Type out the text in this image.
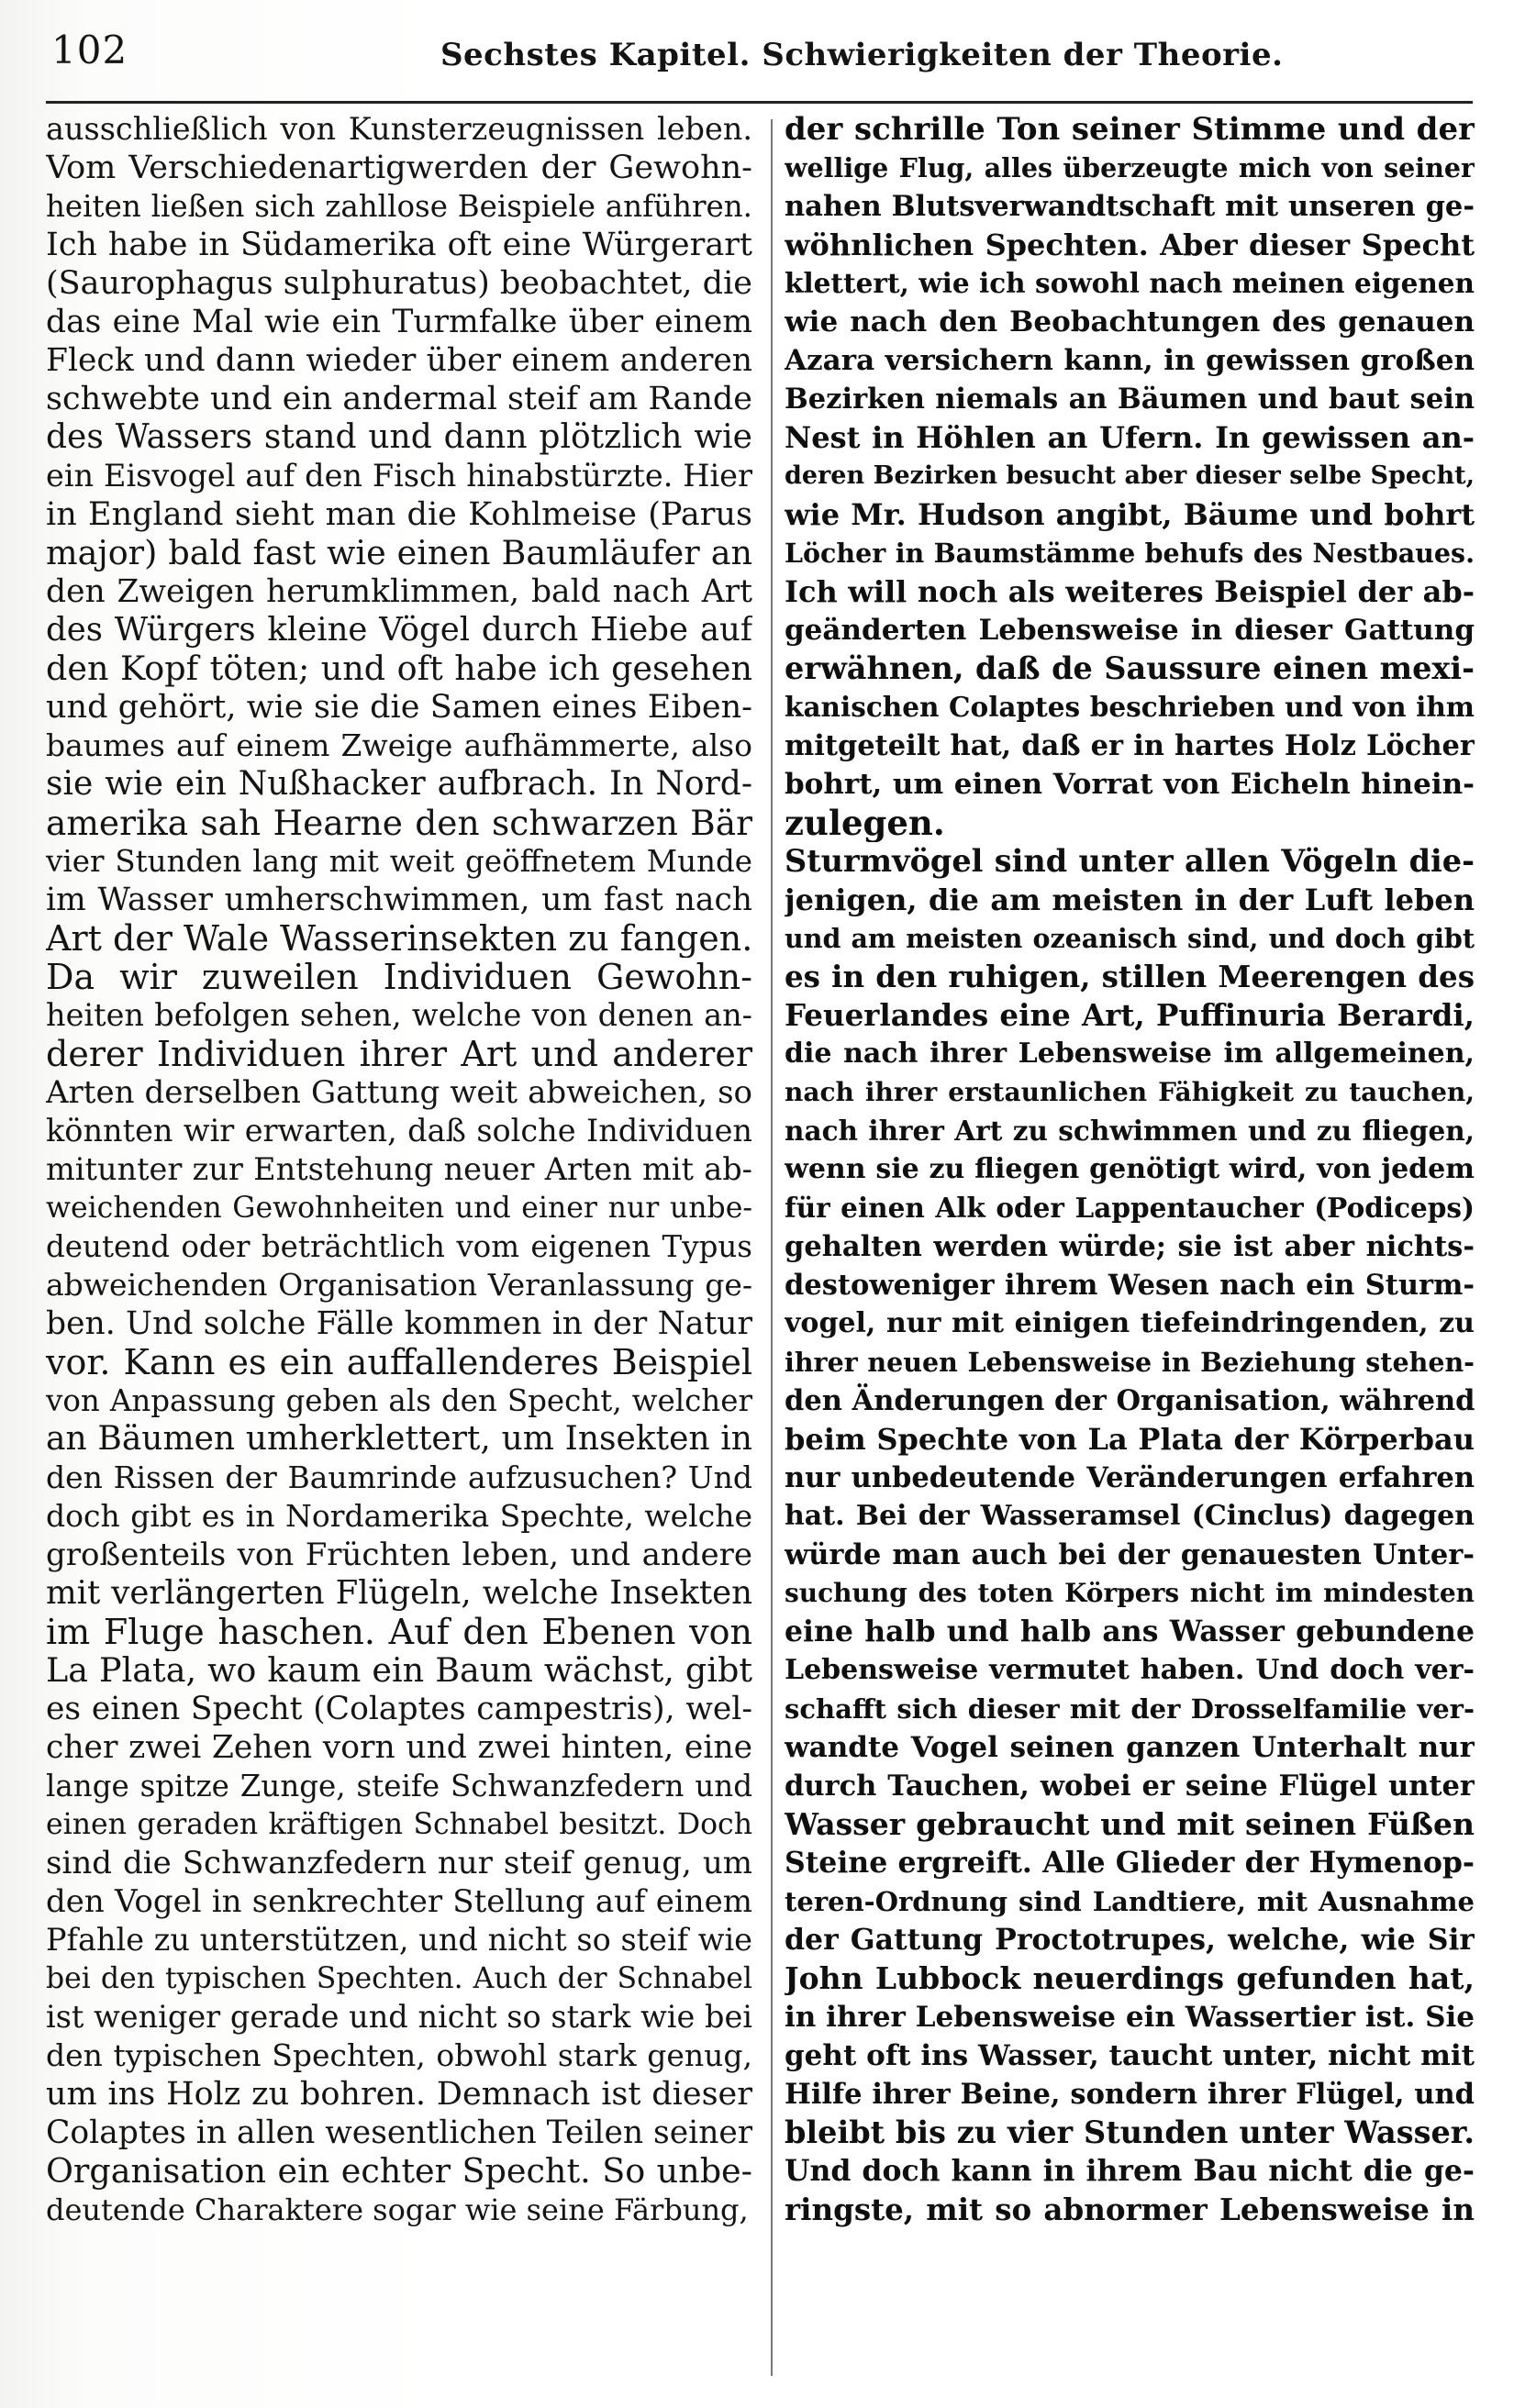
102	Sechstes Kapitel. Schwierigkeiten der Theorie.
ausschließlich von Kunsterzeugnissen leben.
Vom Verschiedenartigwerden der Gewohn-
heiten ließen sich zahllose Beispiele anführen.
Ich habe in Südamerika oft eine Würgerart
(Saurophagus sulphuratus) beobachtet, die
das eine Mal wie ein Turmfalke über einem
Fleck und dann wieder über einem anderen
schwebte und ein andermal steif am Rande
des Wassers stand und dann plötzlich wie
ein Eisvogel auf den Fisch hinabstürzte. Hier
in England sieht man die Kohlmeise (Parus
major) bald fast wie einen Baumläufer an
den Zweigen herumklimmen, bald nach Art
des Würgers kleine Vögel durch Hiebe auf
den Kopf töten; und oft habe ich gesehen
und gehört, wie sie die Samen eines Eiben-
baumes auf einem Zweige aufhämmerte, also
sie wie ein Nußhacker aufbrach. In Nord-
amerika sah Hearne den schwarzen Bär
vier Stunden lang mit weit geöffnetem Munde
im Wasser umherschwimmen, um fast nach
Art der Wale Wasserinsekten zu fangen.
Da wir zuweilen Individuen Gewohn-
heiten befolgen sehen, welche von denen an-
derer Individuen ihrer Art und anderer
Arten derselben Gattung weit abweichen, so
könnten wir erwarten, daß solche Individuen
mitunter zur Entstehung neuer Arten mit ab-
weichenden Gewohnheiten und einer nur unbe-
deutend oder beträchtlich vom eigenen Typus
abweichenden Organisation Veranlassung ge-
ben. Und solche Fälle kommen in der Natur
vor. Kann es ein auffallenderes Beispiel
von Anpassung geben als den Specht, welcher
an Bäumen umherklettert, um Insekten in
den Rissen der Baumrinde aufzusuchen? Und
doch gibt es in Nordamerika Spechte, welche
großenteils von Früchten leben, und andere
mit verlängerten Flügeln, welche Insekten
im Fluge haschen. Auf den Ebenen von
La Plata, wo kaum ein Baum wächst, gibt
es einen Specht (Colaptes campestris), wel-
cher zwei Zehen vorn und zwei hinten, eine
lange spitze Zunge, steife Schwanzfedern und
einen geraden kräftigen Schnabel besitzt. Doch
sind die Schwanzfedern nur steif genug, um
den Vogel in senkrechter Stellung auf einem
Pfahle zu unterstützen, und nicht so steif wie
bei den typischen Spechten. Auch der Schnabel
ist weniger gerade und nicht so stark wie bei
den typischen Spechten, obwohl stark genug,
um ins Holz zu bohren. Demnach ist dieser
Colaptes in allen wesentlichen Teilen seiner
Organisation ein echter Specht. So unbe-
deutende Charaktere sogar wie seine Färbung,
der schrille Ton seiner Stimme und der
wellige Flug, alles überzeugte mich von seiner
nahen Blutsverwandtschaft mit unseren ge-
wöhnlichen Spechten. Aber dieser Specht
klettert, wie ich sowohl nach meinen eigenen
wie nach den Beobachtungen des genauen
Azara versichern kann, in gewissen großen
Bezirken niemals an Bäumen und baut sein
Nest in Höhlen an Ufern. In gewissen an-
deren Bezirken besucht aber dieser selbe Specht,
wie Mr. Hudson angibt, Bäume und bohrt
Löcher in Baumstämme behufs des Nestbaues.
Ich will noch als weiteres Beispiel der ab-
geänderten Lebensweise in dieser Gattung
erwähnen, daß de Saussure einen mexi-
kanischen Colaptes beschrieben und von ihm
mitgeteilt hat, daß er in hartes Holz Löcher
bohrt, um einen Vorrat von Eicheln hinein-
zulegen.
Sturmvögel sind unter allen Vögeln die-
jenigen, die am meisten in der Luft leben
und am meisten ozeanisch sind, und doch gibt
es in den ruhigen, stillen Meerengen des
Feuerlandes eine Art, Puffinuria Berardi,
die nach ihrer Lebensweise im allgemeinen,
nach ihrer erstaunlichen Fähigkeit zu tauchen,
nach ihrer Art zu schwimmen und zu fliegen,
wenn sie zu fliegen genötigt wird, von jedem
für einen Alk oder Lappentaucher (Podiceps)
gehalten werden würde; sie ist aber nichts-
destoweniger ihrem Wesen nach ein Sturm-
vogel, nur mit einigen tiefeindringenden, zu
ihrer neuen Lebensweise in Beziehung stehen-
den Änderungen der Organisation, während
beim Spechte von La Plata der Körperbau
nur unbedeutende Veränderungen erfahren
hat. Bei der Wasseramsel (Cinclus) dagegen
würde man auch bei der genauesten Unter-
suchung des toten Körpers nicht im mindesten
eine halb und halb ans Wasser gebundene
Lebensweise vermutet haben. Und doch ver-
schafft sich dieser mit der Drosselfamilie ver-
wandte Vogel seinen ganzen Unterhalt nur
durch Tauchen, wobei er seine Flügel unter
Wasser gebraucht und mit seinen Füßen
Steine ergreift. Alle Glieder der Hymenop-
teren-Ordnung sind Landtiere, mit Ausnahme
der Gattung Proctotrupes, welche, wie Sir
John Lubbock neuerdings gefunden hat,
in ihrer Lebensweise ein Wassertier ist. Sie
geht oft ins Wasser, taucht unter, nicht mit
Hilfe ihrer Beine, sondern ihrer Flügel, und
bleibt bis zu vier Stunden unter Wasser.
Und doch kann in ihrem Bau nicht die ge-
ringste, mit so abnormer Lebensweise in
